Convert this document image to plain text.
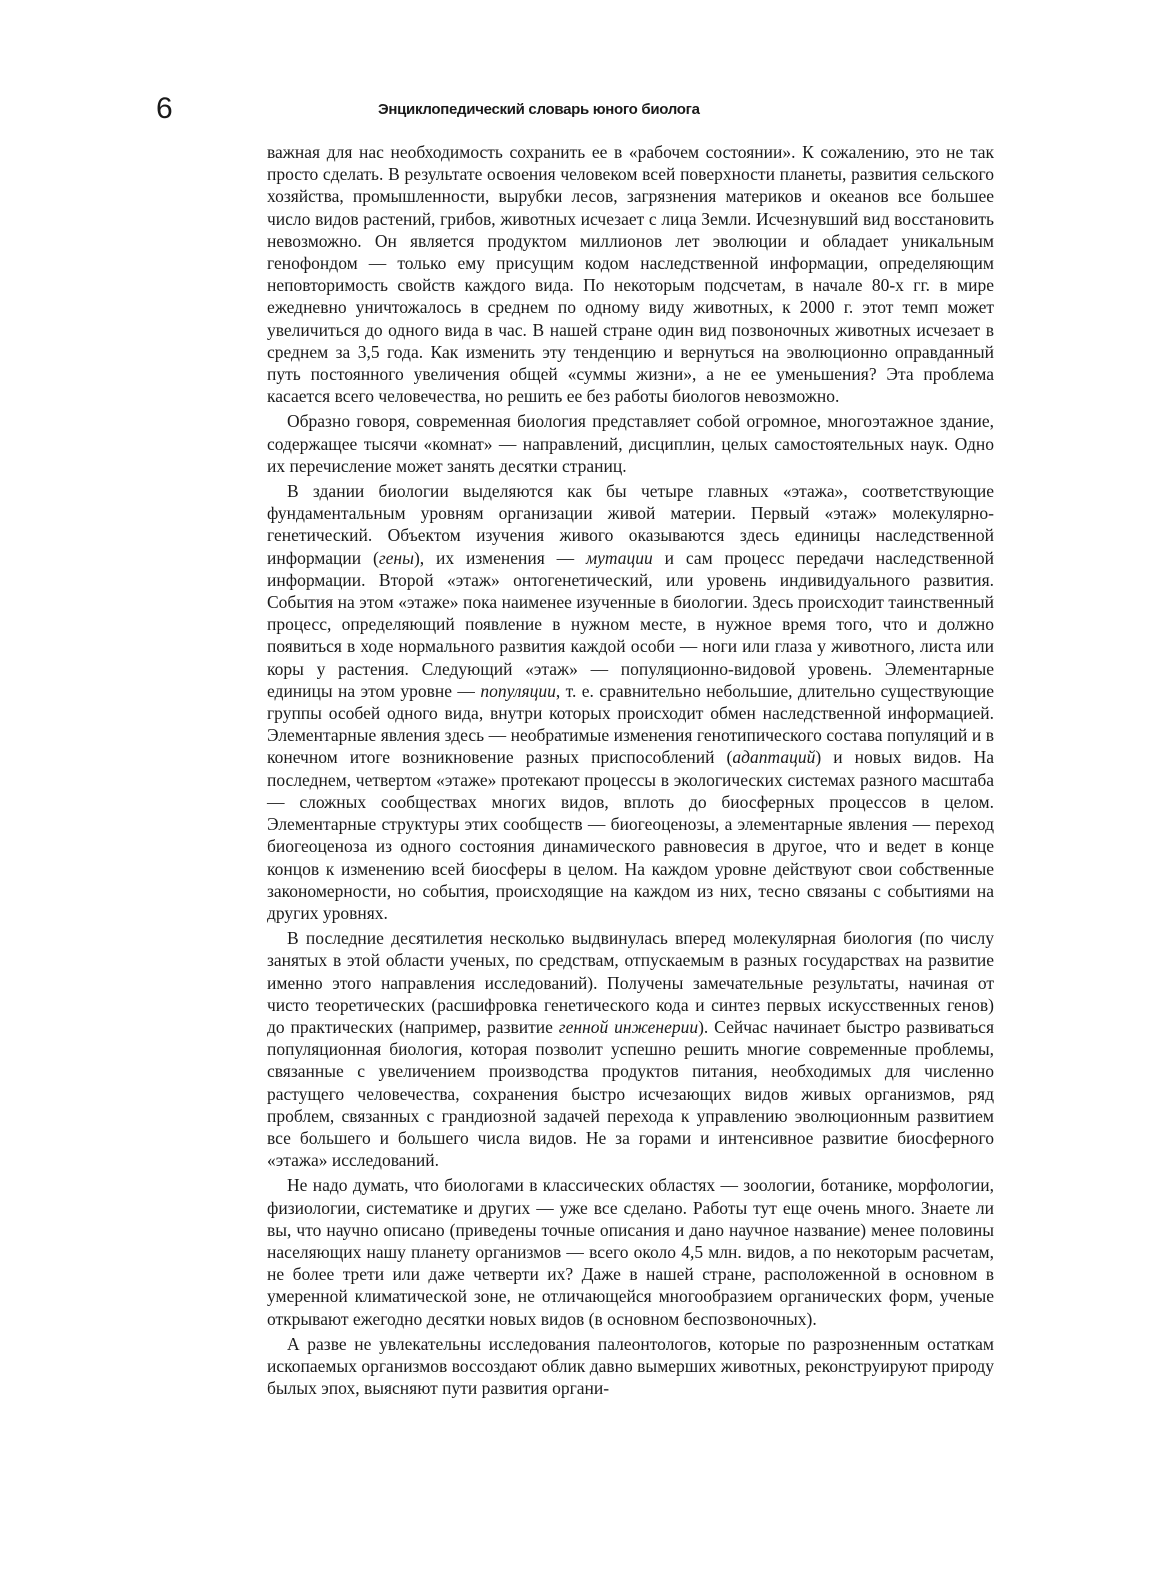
6	Энциклопедический словарь юного биолога

важная для нас необходимость сохранить ее в «рабочем состоянии». К сожалению, это не так просто сделать. В результате освоения человеком всей поверхности планеты, развития сельского хозяйства, промышленности, вырубки лесов, загрязнения материков и океанов все большее число видов растений, грибов, животных исчезает с лица Земли. Исчезнувший вид восстановить невозможно. Он является продуктом миллионов лет эволюции и обладает уникальным генофондом — только ему присущим кодом наследственной информации, определяющим неповторимость свойств каждого вида. По некоторым подсчетам, в начале 80-х гг. в мире ежедневно уничтожалось в среднем по одному виду животных, к 2000 г. этот темп может увеличиться до одного вида в час. В нашей стране один вид позвоночных животных исчезает в среднем за 3,5 года. Как изменить эту тенденцию и вернуться на эволюционно оправданный путь постоянного увеличения общей «суммы жизни», а не ее уменьшения? Эта проблема касается всего человечества, но решить ее без работы биологов невозможно.

Образно говоря, современная биология представляет собой огромное, многоэтажное здание, содержащее тысячи «комнат» — направлений, дисциплин, целых самостоятельных наук. Одно их перечисление может занять десятки страниц.

В здании биологии выделяются как бы четыре главных «этажа», соответствующие фундаментальным уровням организации живой материи. Первый «этаж» молекулярно-генетический. Объектом изучения живого оказываются здесь единицы наследственной информации (гены), их изменения — мутации и сам процесс передачи наследственной информации. Второй «этаж» онтогенетический, или уровень индивидуального развития. События на этом «этаже» пока наименее изученные в биологии. Здесь происходит таинственный процесс, определяющий появление в нужном месте, в нужное время того, что и должно появиться в ходе нормального развития каждой особи — ноги или глаза у животного, листа или коры у растения. Следующий «этаж» — популяционно-видовой уровень. Элементарные единицы на этом уровне — популяции, т. е. сравнительно небольшие, длительно существующие группы особей одного вида, внутри которых происходит обмен наследственной информацией. Элементарные явления здесь — необратимые изменения генотипического состава популяций и в конечном итоге возникновение разных приспособлений (адаптаций) и новых видов. На последнем, четвертом «этаже» протекают процессы в экологических системах разного масштаба — сложных сообществах многих видов, вплоть до биосферных процессов в целом. Элементарные структуры этих сообществ — биогеоценозы, а элементарные явления — переход биогеоценоза из одного состояния динамического равновесия в другое, что и ведет в конце концов к изменению всей биосферы в целом. На каждом уровне действуют свои собственные закономерности, но события, происходящие на каждом из них, тесно связаны с событиями на других уровнях.

В последние десятилетия несколько выдвинулась вперед молекулярная биология (по числу занятых в этой области ученых, по средствам, отпускаемым в разных государствах на развитие именно этого направления исследований). Получены замечательные результаты, начиная от чисто теоретических (расшифровка генетического кода и синтез первых искусственных генов) до практических (например, развитие генной инженерии). Сейчас начинает быстро развиваться популяционная биология, которая позволит успешно решить многие современные проблемы, связанные с увеличением производства продуктов питания, необходимых для численно растущего человечества, сохранения быстро исчезающих видов живых организмов, ряд проблем, связанных с грандиозной задачей перехода к управлению эволюционным развитием все большего и большего числа видов. Не за горами и интенсивное развитие биосферного «этажа» исследований.

Не надо думать, что биологами в классических областях — зоологии, ботанике, морфологии, физиологии, систематике и других — уже все сделано. Работы тут еще очень много. Знаете ли вы, что научно описано (приведены точные описания и дано научное название) менее половины населяющих нашу планету организмов — всего около 4,5 млн. видов, а по некоторым расчетам, не более трети или даже четверти их? Даже в нашей стране, расположенной в основном в умеренной климатической зоне, не отличающейся многообразием органических форм, ученые открывают ежегодно десятки новых видов (в основном беспозвоночных).

А разве не увлекательны исследования палеонтологов, которые по разрозненным остаткам ископаемых организмов воссоздают облик давно вымерших животных, реконструируют природу былых эпох, выясняют пути развития органи-
